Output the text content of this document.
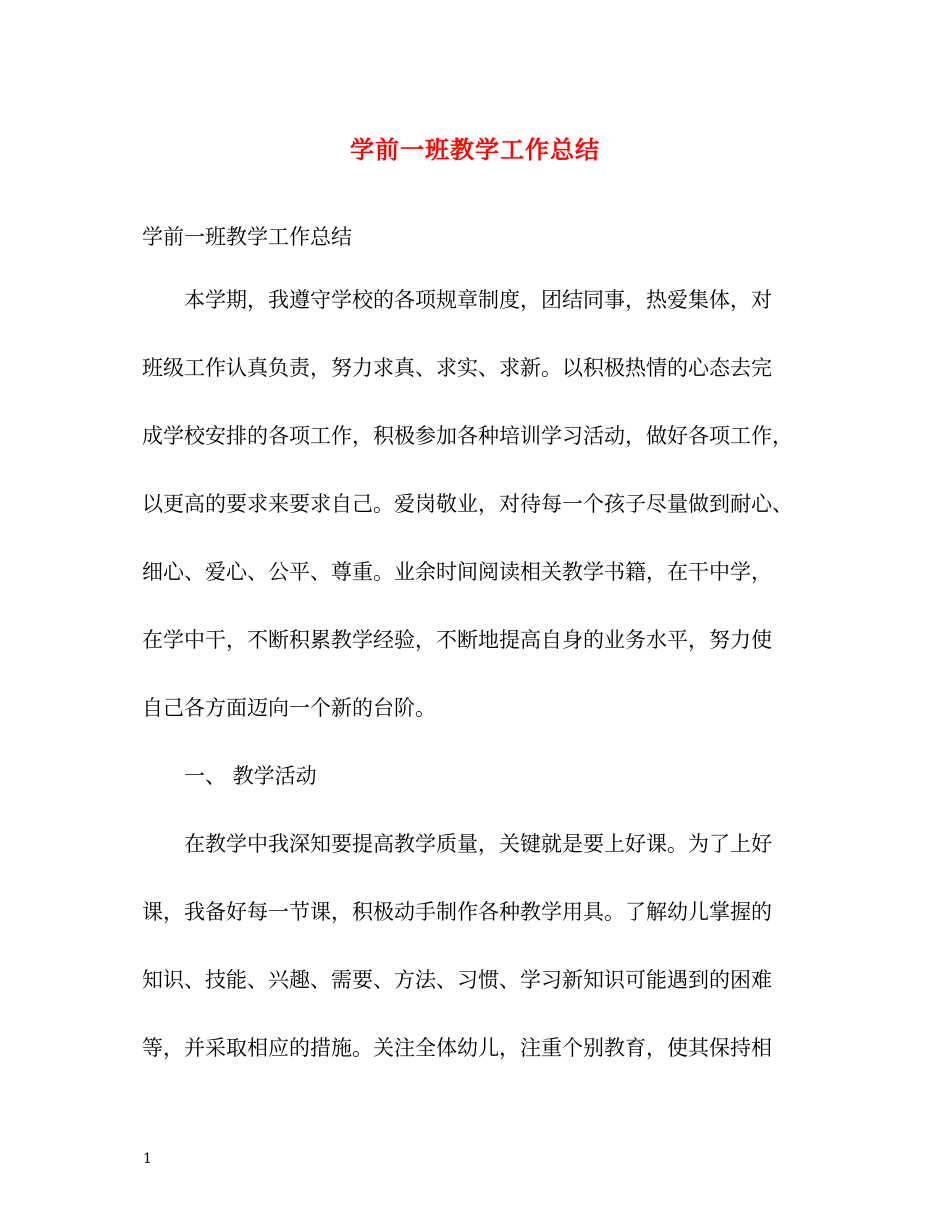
学前一班教学工作总结
学前一班教学工作总结
本学期，我遵守学校的各项规章制度，团结同事，热爱集体，对
班级工作认真负责，努力求真、求实、求新。以积极热情的心态去完
成学校安排的各项工作，积极参加各种培训学习活动，做好各项工作，
以更高的要求来要求自己。爱岗敬业，对待每一个孩子尽量做到耐心、
细心、爱心、公平、尊重。业余时间阅读相关教学书籍，在干中学，
在学中干，不断积累教学经验，不断地提高自身的业务水平，努力使
自己各方面迈向一个新的台阶。
一、 教学活动
在教学中我深知要提高教学质量，关键就是要上好课。为了上好
课，我备好每一节课，积极动手制作各种教学用具。了解幼儿掌握的
知识、技能、兴趣、需要、方法、习惯、学习新知识可能遇到的困难
等，并采取相应的措施。关注全体幼儿，注重个别教育，使其保持相
1
